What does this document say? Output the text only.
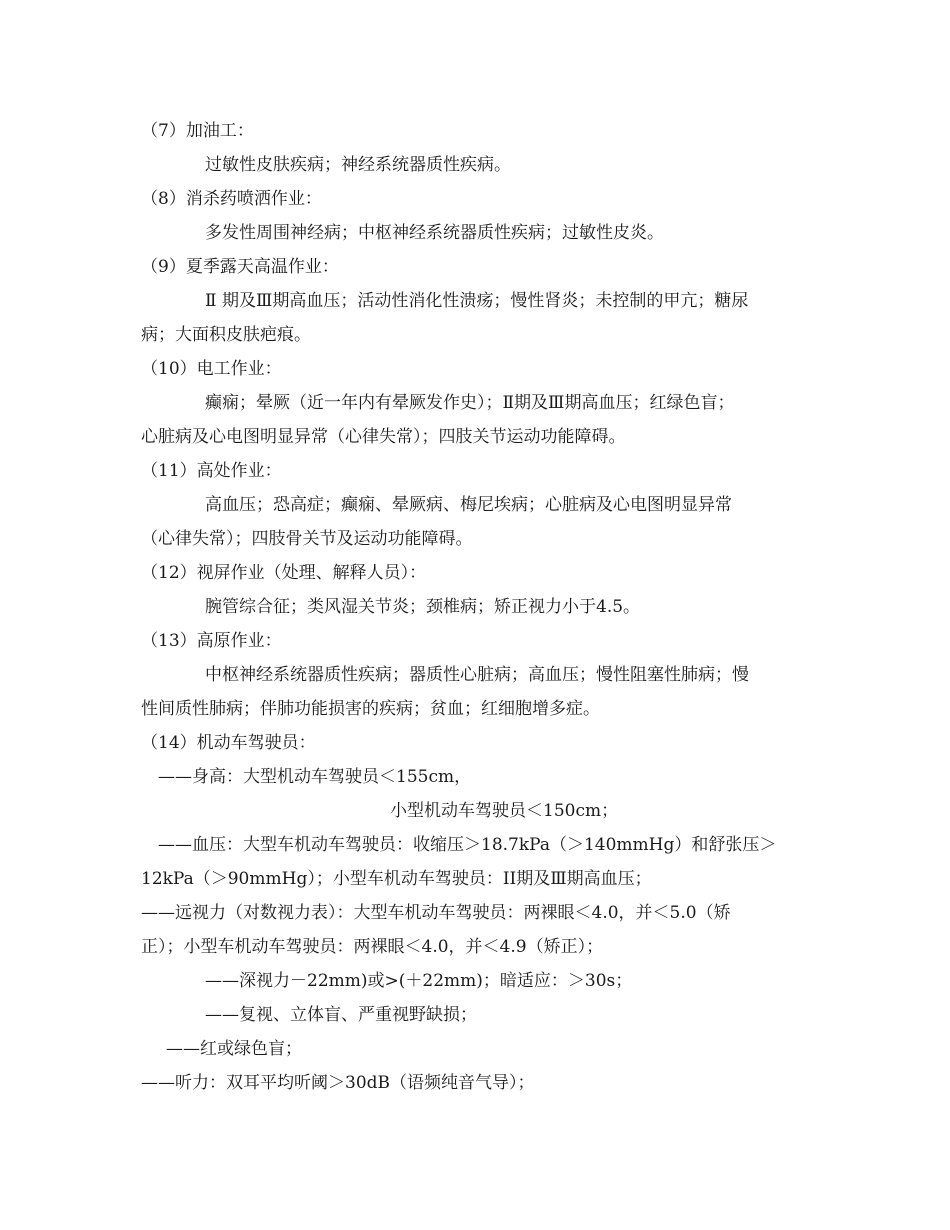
（7）加油工：
过敏性皮肤疾病；神经系统器质性疾病。
（8）消杀药喷洒作业：
多发性周围神经病；中枢神经系统器质性疾病；过敏性皮炎。
（9）夏季露天高温作业：
Ⅱ 期及Ⅲ期高血压；活动性消化性溃疡；慢性肾炎；未控制的甲亢；糖尿
病；大面积皮肤疤痕。
（10）电工作业：
癫痫；晕厥（近一年内有晕厥发作史）；Ⅱ期及Ⅲ期高血压；红绿色盲；
心脏病及心电图明显异常（心律失常）；四肢关节运动功能障碍。
（11）高处作业：
高血压；恐高症；癫痫、晕厥病、梅尼埃病；心脏病及心电图明显异常
（心律失常）；四肢骨关节及运动功能障碍。
（12）视屏作业（处理、解释人员）：
腕管综合征；类风湿关节炎；颈椎病；矫正视力小于4.5。
（13）高原作业：
中枢神经系统器质性疾病；器质性心脏病；高血压；慢性阻塞性肺病；慢
性间质性肺病；伴肺功能损害的疾病；贫血；红细胞增多症。
（14）机动车驾驶员：
——身高：大型机动车驾驶员＜155cm，
小型机动车驾驶员＜150cm；
——血压：大型车机动车驾驶员：收缩压＞18.7kPa（＞140mmHg）和舒张压＞
12kPa（＞90mmHg）；小型车机动车驾驶员：II期及Ⅲ期高血压；
——远视力（对数视力表）：大型车机动车驾驶员：两裸眼＜4.0，并＜5.0（矫
正）；小型车机动车驾驶员：两裸眼＜4.0，并＜4.9（矫正）；
——深视力－22mm)或>(＋22mm)；暗适应：＞30s；
——复视、立体盲、严重视野缺损；
——红或绿色盲；
——听力：双耳平均听阈＞30dB（语频纯音气导）；
